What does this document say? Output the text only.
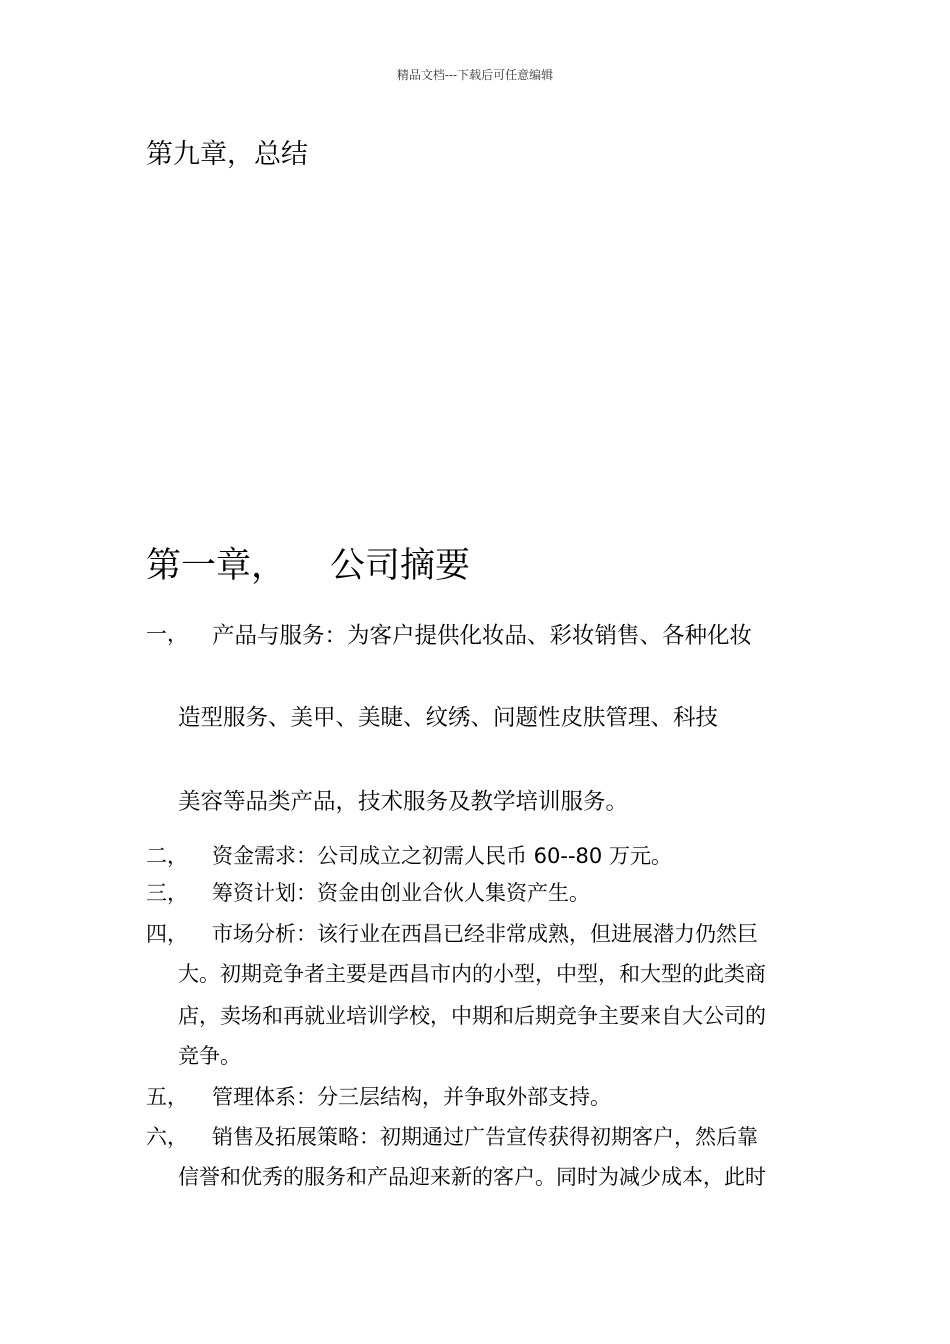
精品文档---下载后可任意编辑
第九章，总结
第一章， 公司摘要
一， 产品与服务：为客户提供化妆品、彩妆销售、各种化妆
造型服务、美甲、美睫、纹绣、问题性皮肤管理、科技
美容等品类产品，技术服务及教学培训服务。
二， 资金需求：公司成立之初需人民币 60--80 万元。
三， 筹资计划：资金由创业合伙人集资产生。
四， 市场分析：该行业在西昌已经非常成熟，但进展潜力仍然巨
大。初期竞争者主要是西昌市内的小型，中型，和大型的此类商
店，卖场和再就业培训学校，中期和后期竞争主要来自大公司的
竞争。
五， 管理体系：分三层结构，并争取外部支持。
六， 销售及拓展策略：初期通过广告宣传获得初期客户，然后靠
信誉和优秀的服务和产品迎来新的客户。同时为减少成本，此时
